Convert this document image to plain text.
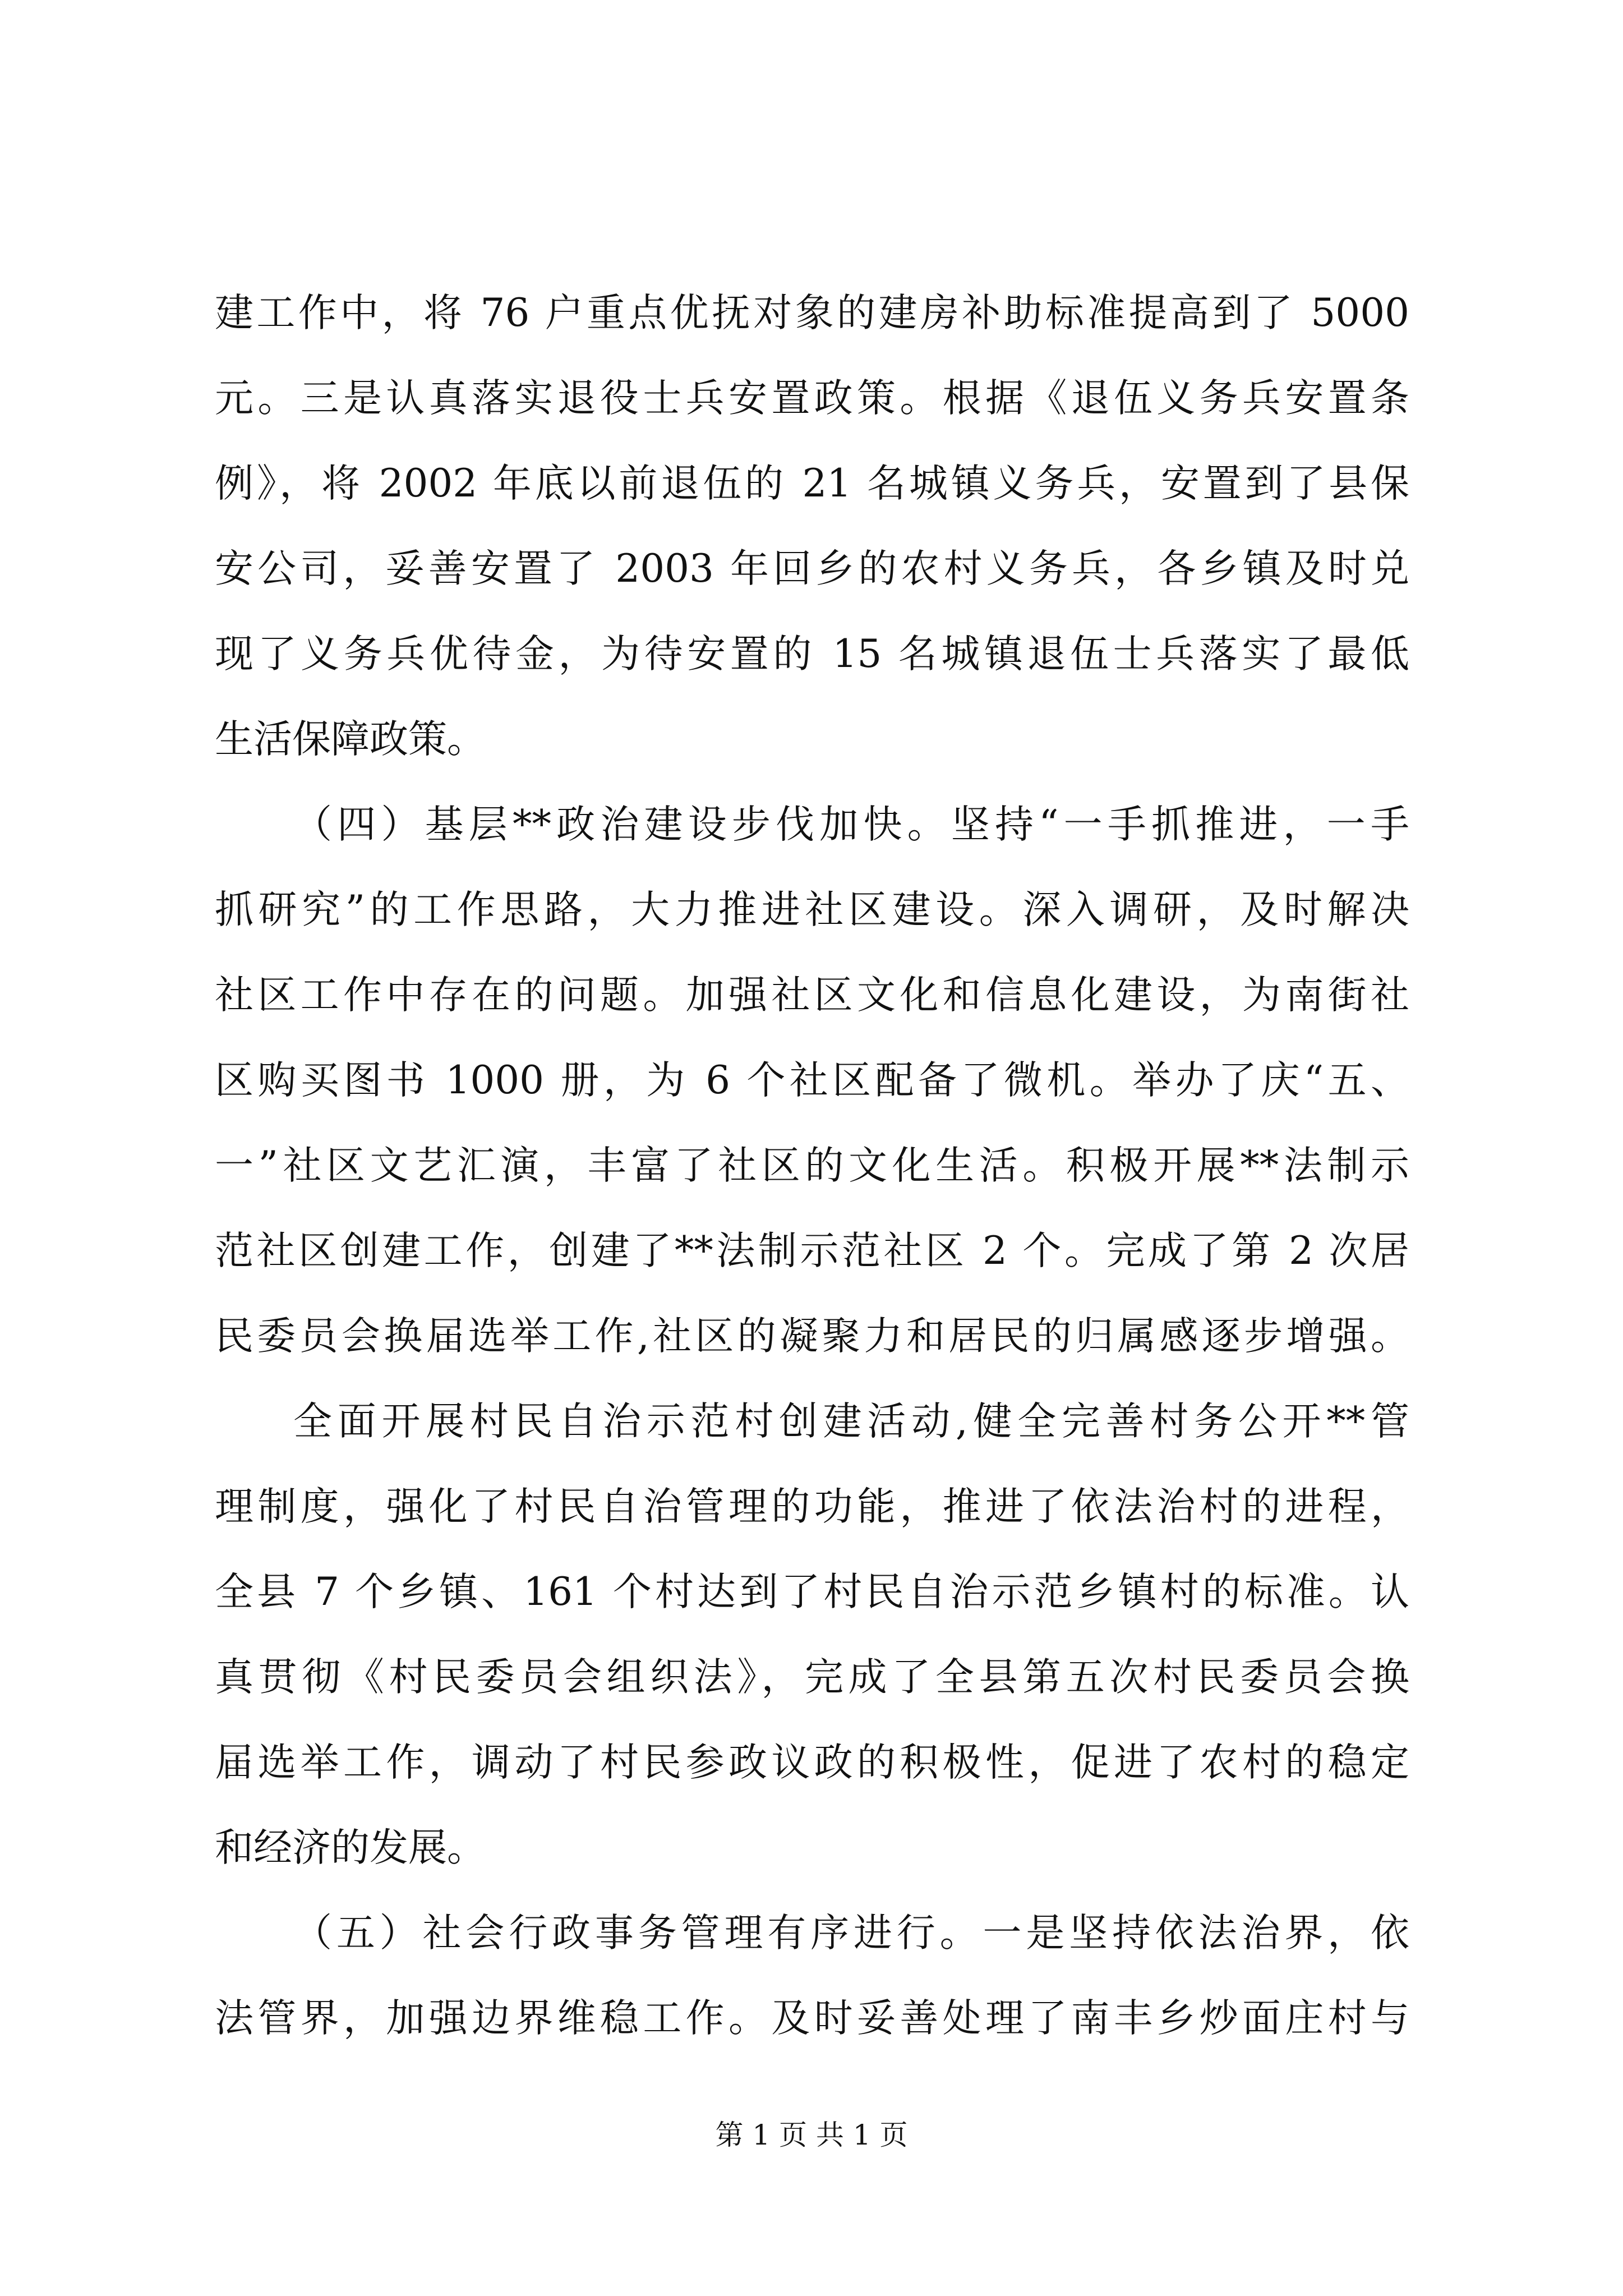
建工作中，将 76 户重点优抚对象的建房补助标准提高到了 5000
元。三是认真落实退役士兵安置政策。根据《退伍义务兵安置条
例》，将 2002 年底以前退伍的 21 名城镇义务兵，安置到了县保
安公司，妥善安置了 2003 年回乡的农村义务兵，各乡镇及时兑
现了义务兵优待金，为待安置的 15 名城镇退伍士兵落实了最低
生活保障政策。
（四）基层**政治建设步伐加快。坚持“一手抓推进，一手
抓研究”的工作思路，大力推进社区建设。深入调研，及时解决
社区工作中存在的问题。加强社区文化和信息化建设，为南街社
区购买图书 1000 册，为 6 个社区配备了微机。举办了庆“五、
一”社区文艺汇演，丰富了社区的文化生活。积极开展**法制示
范社区创建工作，创建了**法制示范社区 2 个。完成了第 2 次居
民委员会换届选举工作,社区的凝聚力和居民的归属感逐步增强。
全面开展村民自治示范村创建活动,健全完善村务公开**管
理制度，强化了村民自治管理的功能，推进了依法治村的进程，
全县 7 个乡镇、161 个村达到了村民自治示范乡镇村的标准。认
真贯彻《村民委员会组织法》，完成了全县第五次村民委员会换
届选举工作，调动了村民参政议政的积极性，促进了农村的稳定
和经济的发展。
（五）社会行政事务管理有序进行。一是坚持依法治界，依
法管界，加强边界维稳工作。及时妥善处理了南丰乡炒面庄村与
第 1 页 共 1 页
